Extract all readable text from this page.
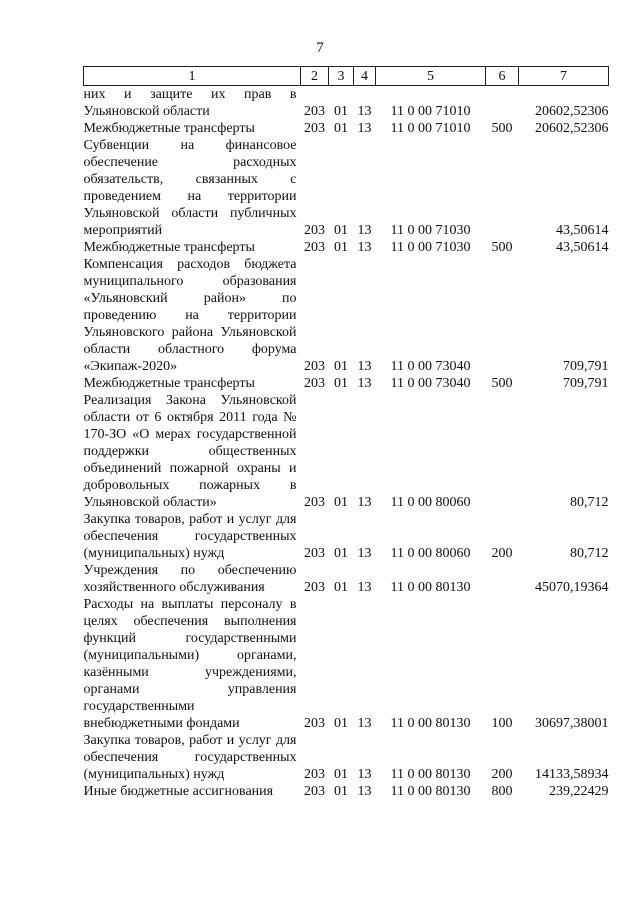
7
1	2	3	4	5	6	7
них и защите их прав в Ульяновской области	203	01	13	11 0 00 71010		20602,52306
Межбюджетные трансферты	203	01	13	11 0 00 71010	500	20602,52306
Субвенции на финансовое обеспечение расходных обязательств, связанных с проведением на территории Ульяновской области публичных мероприятий	203	01	13	11 0 00 71030		43,50614
Межбюджетные трансферты	203	01	13	11 0 00 71030	500	43,50614
Компенсация расходов бюджета муниципального образования «Ульяновский район» по проведению на территории Ульяновского района Ульяновской области областного форума «Экипаж-2020»	203	01	13	11 0 00 73040		709,791
Межбюджетные трансферты	203	01	13	11 0 00 73040	500	709,791
Реализация Закона Ульяновской области от 6 октября 2011 года № 170-ЗО «О мерах государственной поддержки общественных объединений пожарной охраны и добровольных пожарных в Ульяновской области»	203	01	13	11 0 00 80060		80,712
Закупка товаров, работ и услуг для обеспечения государственных (муниципальных) нужд	203	01	13	11 0 00 80060	200	80,712
Учреждения по обеспечению хозяйственного обслуживания	203	01	13	11 0 00 80130		45070,19364
Расходы на выплаты персоналу в целях обеспечения выполнения функций государственными (муниципальными) органами, казёнными учреждениями, органами управления государственными внебюджетными фондами	203	01	13	11 0 00 80130	100	30697,38001
Закупка товаров, работ и услуг для обеспечения государственных (муниципальных) нужд	203	01	13	11 0 00 80130	200	14133,58934
Иные бюджетные ассигнования	203	01	13	11 0 00 80130	800	239,22429
